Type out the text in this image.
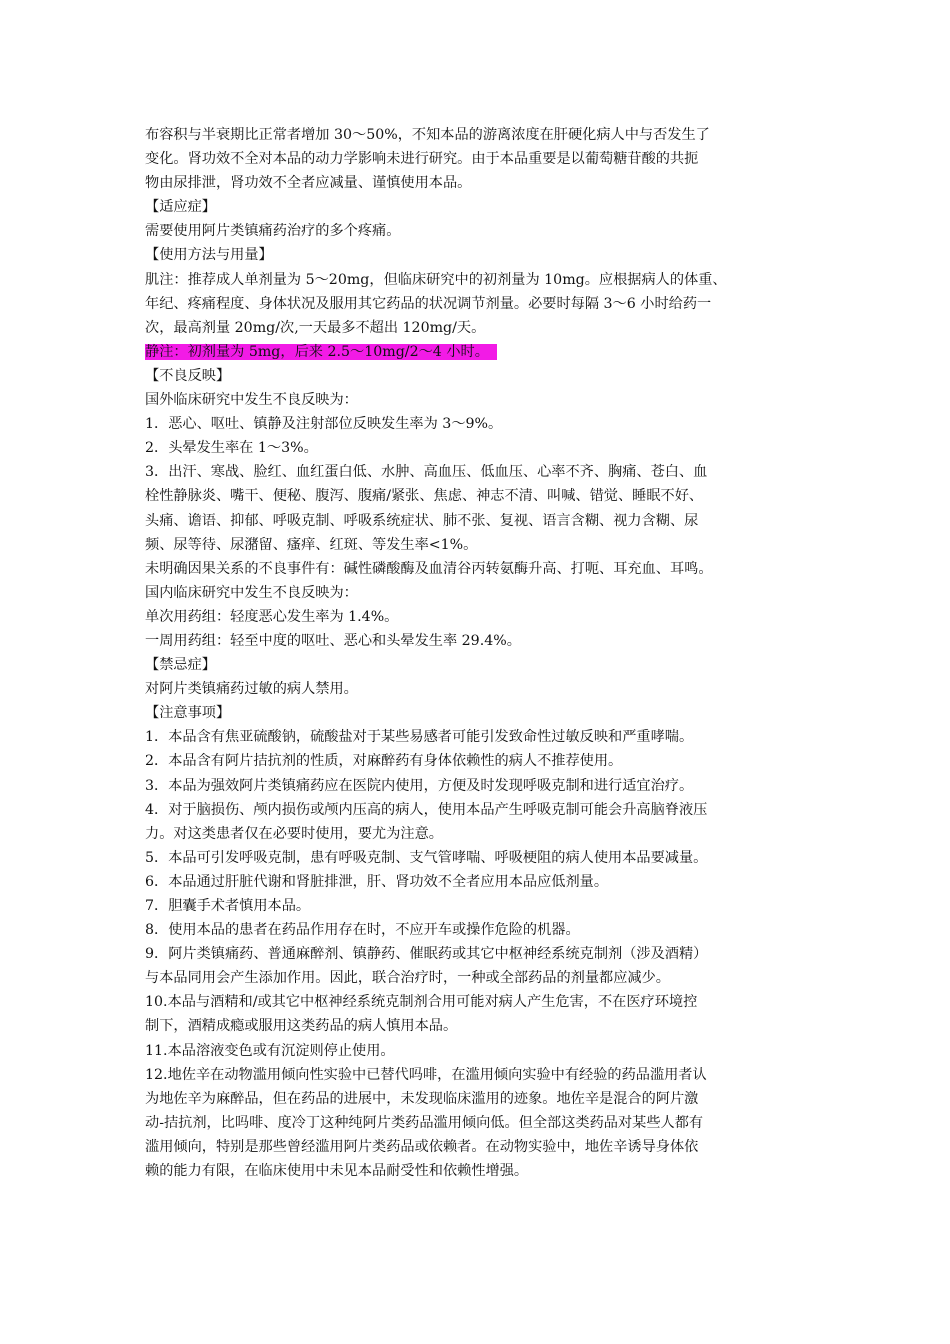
布容积与半衰期比正常者增加 30～50%，不知本品的游离浓度在肝硬化病人中与否发生了
变化。肾功效不全对本品的动力学影响未进行研究。由于本品重要是以葡萄糖苷酸的共扼
物由尿排泄，肾功效不全者应减量、谨慎使用本品。
【适应症】
需要使用阿片类镇痛药治疗的多个疼痛。
【使用方法与用量】
肌注：推荐成人单剂量为 5～20mg，但临床研究中的初剂量为 10mg。应根据病人的体重、
年纪、疼痛程度、身体状况及服用其它药品的状况调节剂量。必要时每隔 3～6 小时给药一
次，最高剂量 20mg/次,一天最多不超出 120mg/天。
静注：初剂量为 5mg，后来 2.5～10mg/2～4 小时。
【不良反映】
国外临床研究中发生不良反映为：
1．恶心、呕吐、镇静及注射部位反映发生率为 3～9%。
2．头晕发生率在 1～3%。
3．出汗、寒战、脸红、血红蛋白低、水肿、高血压、低血压、心率不齐、胸痛、苍白、血
栓性静脉炎、嘴干、便秘、腹泻、腹痛/紧张、焦虑、神志不清、叫喊、错觉、睡眠不好、
头痛、谵语、抑郁、呼吸克制、呼吸系统症状、肺不张、复视、语言含糊、视力含糊、尿
频、尿等待、尿潴留、瘙痒、红斑、等发生率<1%。
未明确因果关系的不良事件有：碱性磷酸酶及血清谷丙转氨酶升高、打呃、耳充血、耳鸣。
国内临床研究中发生不良反映为：
单次用药组：轻度恶心发生率为 1.4%。
一周用药组：轻至中度的呕吐、恶心和头晕发生率 29.4%。
【禁忌症】
对阿片类镇痛药过敏的病人禁用。
【注意事项】
1．本品含有焦亚硫酸钠，硫酸盐对于某些易感者可能引发致命性过敏反映和严重哮喘。
2．本品含有阿片拮抗剂的性质，对麻醉药有身体依赖性的病人不推荐使用。
3．本品为强效阿片类镇痛药应在医院内使用，方便及时发现呼吸克制和进行适宜治疗。
4．对于脑损伤、颅内损伤或颅内压高的病人，使用本品产生呼吸克制可能会升高脑脊液压
力。对这类患者仅在必要时使用，要尤为注意。
5．本品可引发呼吸克制，患有呼吸克制、支气管哮喘、呼吸梗阻的病人使用本品要减量。
6．本品通过肝脏代谢和肾脏排泄，肝、肾功效不全者应用本品应低剂量。
7．胆囊手术者慎用本品。
8．使用本品的患者在药品作用存在时，不应开车或操作危险的机器。
9．阿片类镇痛药、普通麻醉剂、镇静药、催眠药或其它中枢神经系统克制剂（涉及酒精）
与本品同用会产生添加作用。因此，联合治疗时，一种或全部药品的剂量都应减少。
10.本品与酒精和/或其它中枢神经系统克制剂合用可能对病人产生危害，不在医疗环境控
制下，酒精成瘾或服用这类药品的病人慎用本品。
11.本品溶液变色或有沉淀则停止使用。
12.地佐辛在动物滥用倾向性实验中已替代吗啡，在滥用倾向实验中有经验的药品滥用者认
为地佐辛为麻醉品，但在药品的进展中，未发现临床滥用的迹象。地佐辛是混合的阿片激
动-拮抗剂，比吗啡、度冷丁这种纯阿片类药品滥用倾向低。但全部这类药品对某些人都有
滥用倾向，特别是那些曾经滥用阿片类药品或依赖者。在动物实验中，地佐辛诱导身体依
赖的能力有限，在临床使用中未见本品耐受性和依赖性增强。
